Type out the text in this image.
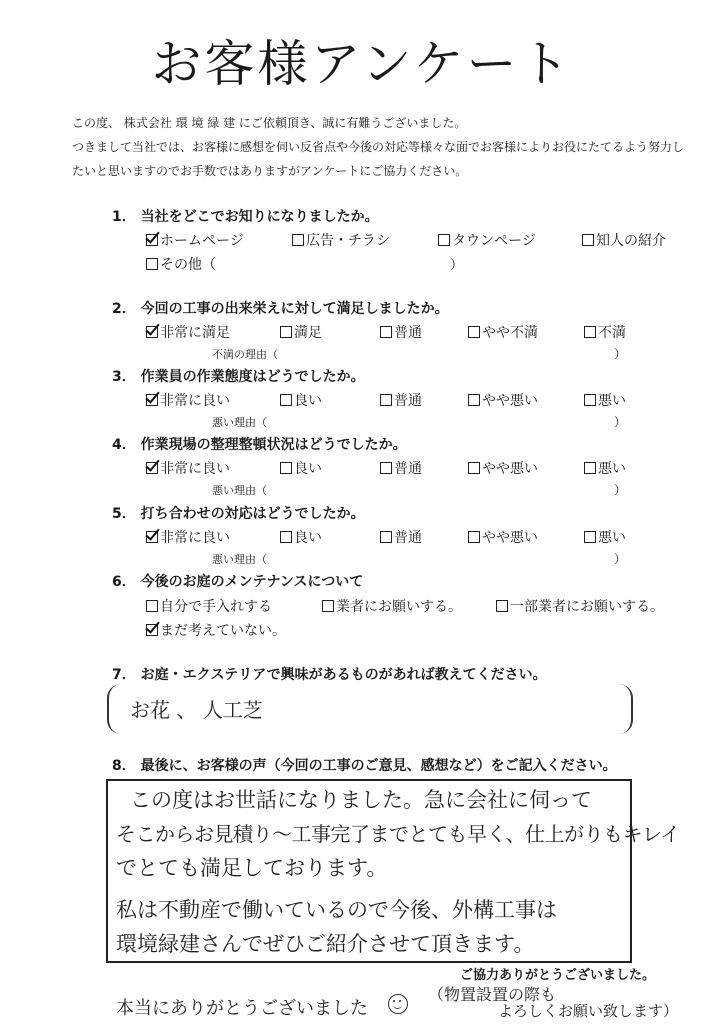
お客様アンケート
この度、 株式会社 環 境 緑 建 にご依頼頂き、誠に有難うございました。
つきまして当社では、お客様に感想を伺い反省点や今後の対応等様々な面でお客様によりお役にたてるよう努力し
たいと思いますのでお手数ではありますがアンケートにご協力ください。
1． 当社をどこでお知りになりましたか。
ホームページ	広告・チラシ	タウンページ	知人の紹介
その他（	）
2． 今回の工事の出来栄えに対して満足しましたか。
非常に満足	満足	普通	やや不満	不満
不満の理由（	）
3． 作業員の作業態度はどうでしたか。
非常に良い	良い	普通	やや悪い	悪い
悪い理由（	）
4． 作業現場の整理整頓状況はどうでしたか。
非常に良い	良い	普通	やや悪い	悪い
悪い理由（	）
5． 打ち合わせの対応はどうでしたか。
非常に良い	良い	普通	やや悪い	悪い
悪い理由（	）
6． 今後のお庭のメンテナンスについて
自分で手入れする	業者にお願いする。	一部業者にお願いする。
まだ考えていない。
7． お庭・エクステリアで興味があるものがあれば教えてください。
お花 、 人工芝
8． 最後に、お客様の声（今回の工事のご意見、感想など）をご記入ください。
この度はお世話になりました。急に会社に伺って
そこからお見積り〜工事完了までとても早く、仕上がりもキレイ
でとても満足しております。
私は不動産で働いているので今後、外構工事は
環境緑建さんでぜひご紹介させて頂きます。
ご協力ありがとうございました。
本当にありがとうございました
（物置設置の際も
よろしくお願い致します）
